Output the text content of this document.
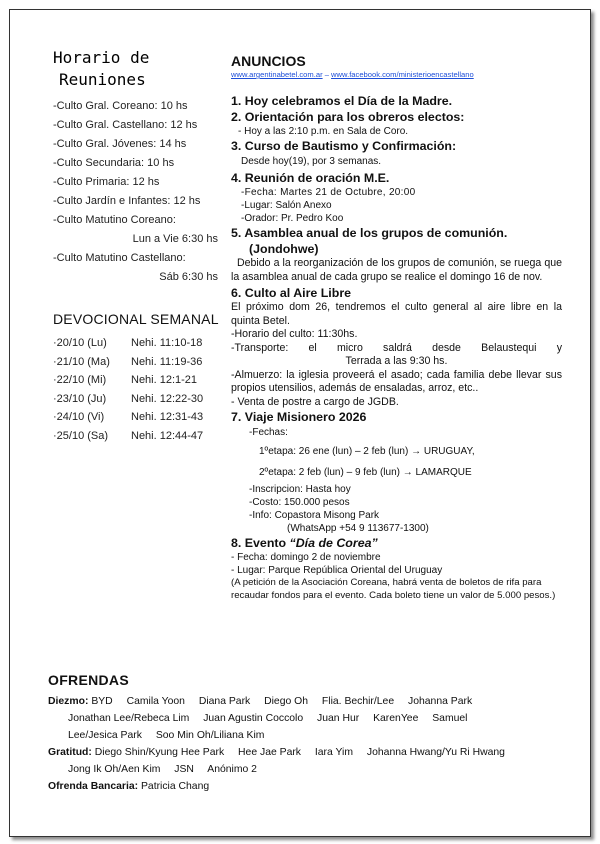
Horario de
Reuniones
-Culto Gral. Coreano: 10 hs
-Culto Gral. Castellano: 12 hs
-Culto Gral. Jóvenes: 14 hs
-Culto Secundaria: 10 hs
-Culto Primaria: 12 hs
-Culto Jardín e Infantes: 12 hs
-Culto Matutino Coreano:
Lun a Vie 6:30 hs
-Culto Matutino Castellano:
Sáb 6:30 hs
DEVOCIONAL SEMANAL
·20/10 (Lu)	Nehi. 11:10-18
·21/10 (Ma)	Nehi. 11:19-36
·22/10 (Mi)	Nehi. 12:1-21
·23/10 (Ju)	Nehi. 12:22-30
·24/10 (Vi)	Nehi. 12:31-43
·25/10 (Sa)	Nehi. 12:44-47
ANUNCIOS
www.argentinabetel.com.ar – www.facebook.com/ministerioencastellano
1. Hoy celebramos el Día de la Madre.
2. Orientación para los obreros electos:
- Hoy a las 2:10 p.m. en Sala de Coro.
3. Curso de Bautismo y Confirmación:
Desde hoy(19), por 3 semanas.
4. Reunión de oración M.E.
-Fecha: Martes 21 de Octubre, 20:00
-Lugar: Salón Anexo
-Orador: Pr. Pedro Koo
5. Asamblea anual de los grupos de comunión.
(Jondohwe)
Debido a la reorganización de los grupos de comunión, se ruega que la asamblea anual de cada grupo se realice el domingo 16 de nov.
6. Culto al Aire Libre
El próximo dom 26, tendremos el culto general al aire libre en la quinta Betel.
-Horario del culto: 11:30hs.
-Transporte: el micro saldrá desde Belaustequi y
Terrada a las 9:30 hs.
-Almuerzo: la iglesia proveerá el asado; cada familia debe llevar sus propios utensilios, además de ensaladas, arroz, etc..
- Venta de postre a cargo de JGDB.
7. Viaje Misionero 2026
-Fechas:
1ºetapa: 26 ene (lun) – 2 feb (lun) → URUGUAY,
2ºetapa: 2 feb (lun) – 9 feb (lun) → LAMARQUE
-Inscripcion: Hasta hoy
-Costo: 150.000 pesos
-Info: Copastora Misong Park
(WhatsApp +54 9 113677-1300)
8. Evento “Día de Corea”
- Fecha: domingo 2 de noviembre
- Lugar: Parque República Oriental del Uruguay
(A petición de la Asociación Coreana, habrá venta de boletos de rifa para recaudar fondos para el evento. Cada boleto tiene un valor de 5.000 pesos.)
OFRENDAS
Diezmo: BYD Camila Yoon Diana Park Diego Oh Flia. Bechir/Lee Johanna Park
Jonathan Lee/Rebeca Lim Juan Agustin Coccolo Juan Hur KarenYee Samuel
Lee/Jesica Park Soo Min Oh/Liliana Kim
Gratitud: Diego Shin/Kyung Hee Park Hee Jae Park Iara Yim Johanna Hwang/Yu Ri Hwang
Jong Ik Oh/Aen Kim JSN Anónimo 2
Ofrenda Bancaria: Patricia Chang
